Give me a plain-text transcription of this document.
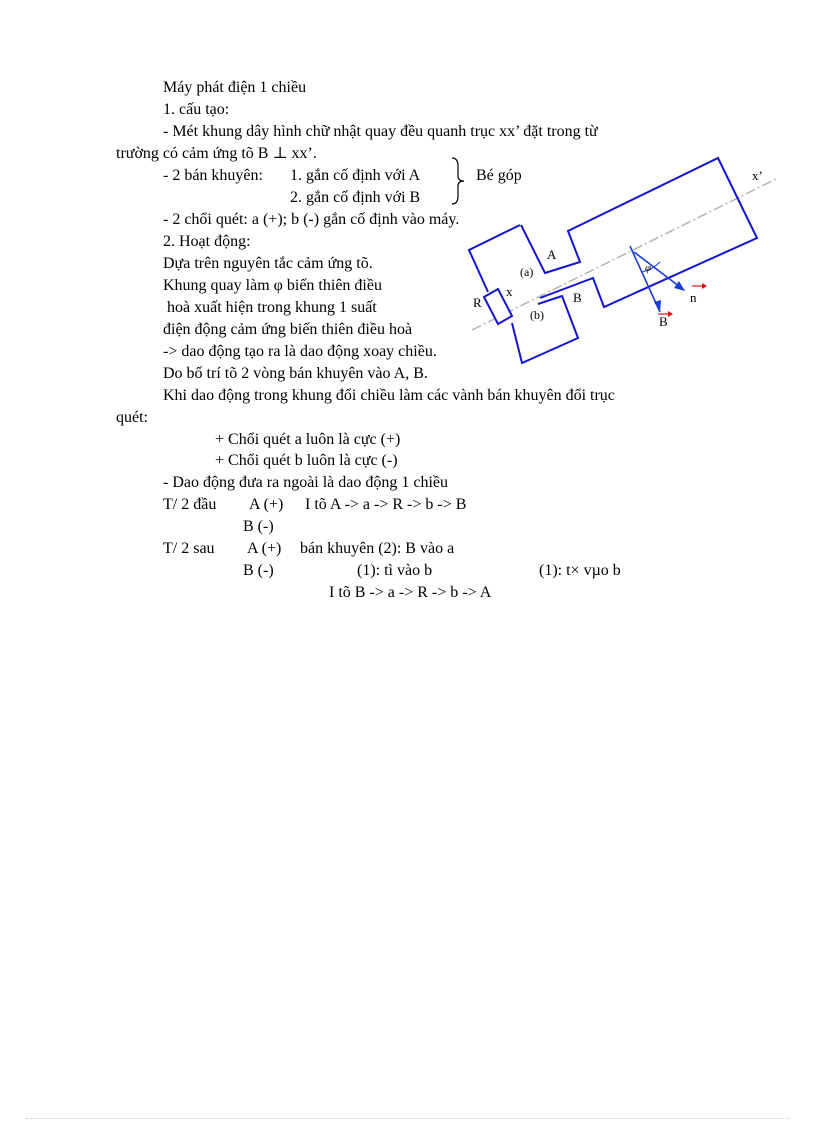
Máy phát điện 1 chiều
1. cấu tạo:
- Mét khung dây hình chữ nhật quay đều quanh trục xx’ đặt trong từ
trường có cảm ứng tõ B ⊥ xx’.
- 2 bán khuyên: 1. gắn cố định với A
2. gắn cố định với B
Bé góp
- 2 chổi quét: a (+); b (-) gắn cố định vào máy.
2. Hoạt động:
Dựa trên nguyên tắc cảm ứng tõ.
Khung quay làm φ biến thiên điều
hoà xuất hiện trong khung 1 suất
điện động cảm ứng biến thiên điều hoà
-> dao động tạo ra là dao động xoay chiều.
Do bố trí tõ 2 vòng bán khuyên vào A, B.
Khi dao động trong khung đổi chiều làm các vành bán khuyên đổi trục
quét:
+ Chổi quét a luôn là cực (+)
+ Chổi quét b luôn là cực (-)
- Dao động đưa ra ngoài là dao động 1 chiều
T/ 2 đầu A (+) I tõ A -> a -> R -> b -> B
B (-)
T/ 2 sau A (+) bán khuyên (2): B vào a
B (-)	(1): tì vào b	(1): t× vµo b
I tõ B -> a -> R -> b -> A
A
B
(a)
(b)
R
x
x’
φ
n
B
